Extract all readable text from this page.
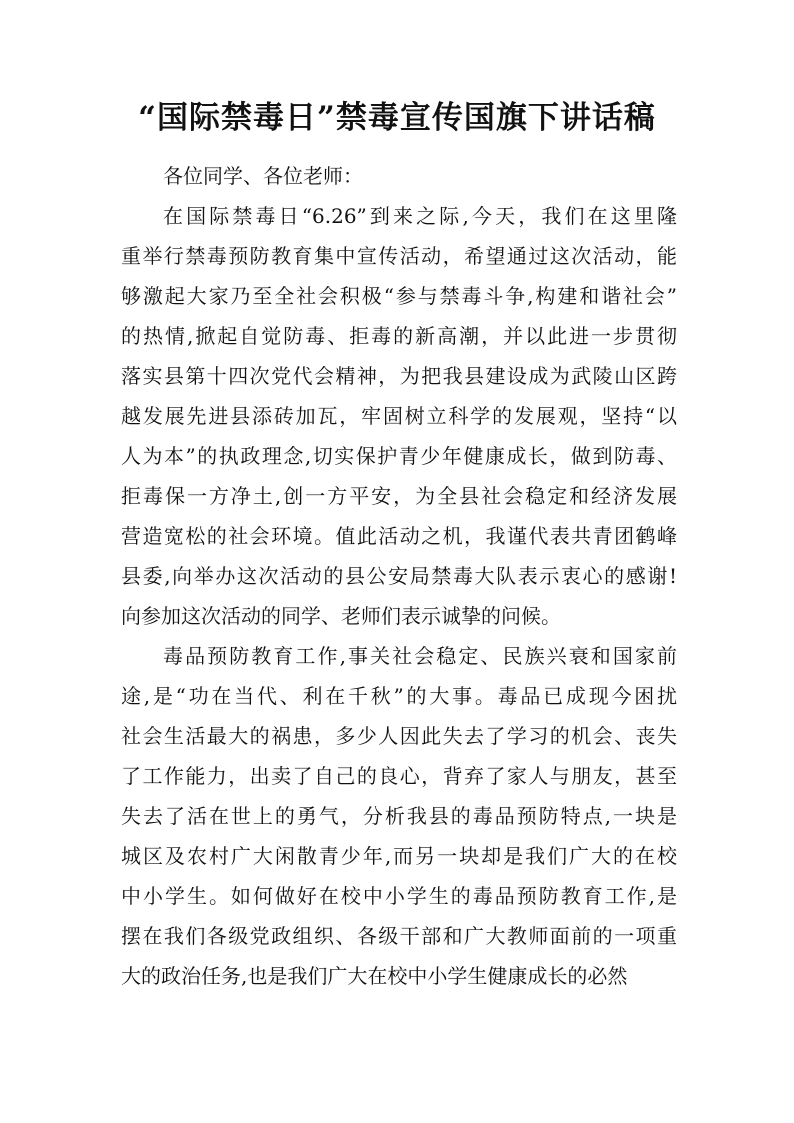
“国际禁毒日”禁毒宣传国旗下讲话稿

各位同学、各位老师：

在国际禁毒日“6.26”到来之际,今天，我们在这里隆
重举行禁毒预防教育集中宣传活动，希望通过这次活动，能
够激起大家乃至全社会积极“参与禁毒斗争,构建和谐社会”
的热情,掀起自觉防毒、拒毒的新高潮，并以此进一步贯彻
落实县第十四次党代会精神，为把我县建设成为武陵山区跨
越发展先进县添砖加瓦，牢固树立科学的发展观，坚持“以
人为本”的执政理念,切实保护青少年健康成长，做到防毒、
拒毒保一方净土,创一方平安，为全县社会稳定和经济发展
营造宽松的社会环境。值此活动之机，我谨代表共青团鹤峰
县委,向举办这次活动的县公安局禁毒大队表示衷心的感谢!
向参加这次活动的同学、老师们表示诚挚的问候。

毒品预防教育工作,事关社会稳定、民族兴衰和国家前
途,是“功在当代、利在千秋”的大事。毒品已成现今困扰
社会生活最大的祸患，多少人因此失去了学习的机会、丧失
了工作能力，出卖了自己的良心，背弃了家人与朋友，甚至
失去了活在世上的勇气，分析我县的毒品预防特点,一块是
城区及农村广大闲散青少年,而另一块却是我们广大的在校
中小学生。如何做好在校中小学生的毒品预防教育工作,是
摆在我们各级党政组织、各级干部和广大教师面前的一项重
大的政治任务,也是我们广大在校中小学生健康成长的必然
